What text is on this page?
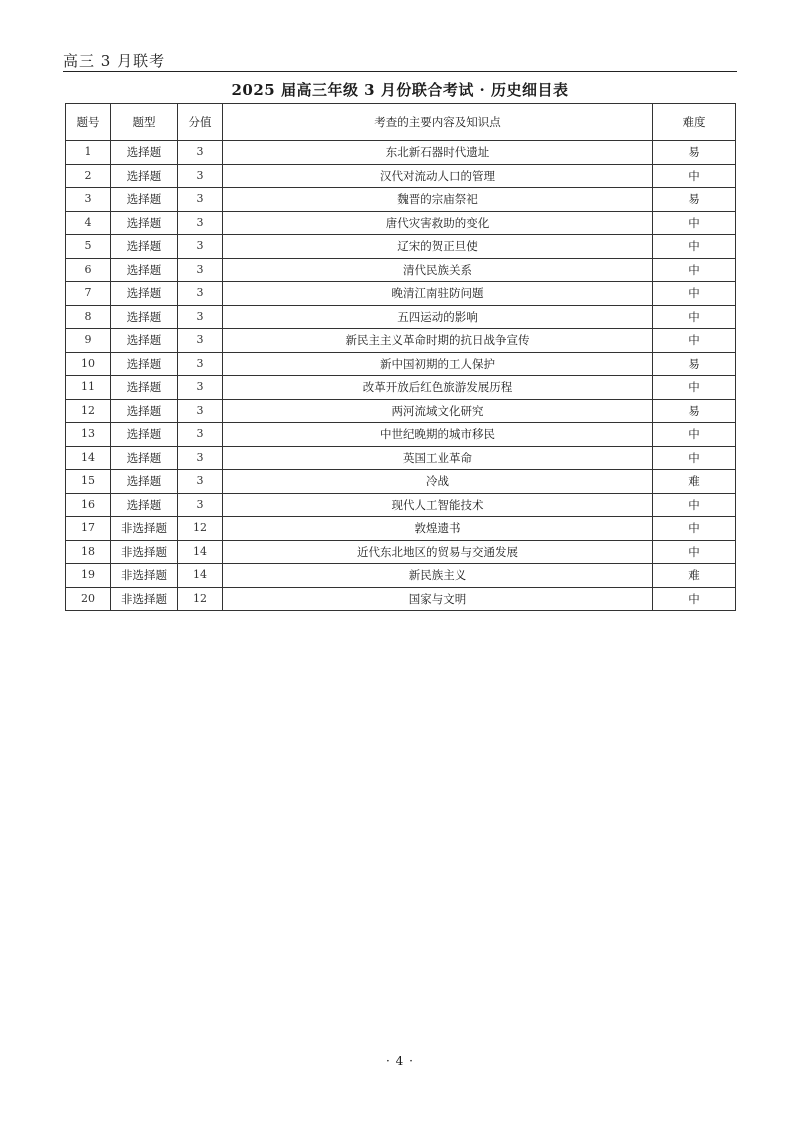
高三 3 月联考
2025 届高三年级 3 月份联合考试 · 历史细目表
题号	题型	分值	考查的主要内容及知识点	难度
1	选择题	3	东北新石器时代遗址	易
2	选择题	3	汉代对流动人口的管理	中
3	选择题	3	魏晋的宗庙祭祀	易
4	选择题	3	唐代灾害救助的变化	中
5	选择题	3	辽宋的贺正旦使	中
6	选择题	3	清代民族关系	中
7	选择题	3	晚清江南驻防问题	中
8	选择题	3	五四运动的影响	中
9	选择题	3	新民主主义革命时期的抗日战争宣传	中
10	选择题	3	新中国初期的工人保护	易
11	选择题	3	改革开放后红色旅游发展历程	中
12	选择题	3	两河流域文化研究	易
13	选择题	3	中世纪晚期的城市移民	中
14	选择题	3	英国工业革命	中
15	选择题	3	冷战	难
16	选择题	3	现代人工智能技术	中
17	非选择题	12	敦煌遗书	中
18	非选择题	14	近代东北地区的贸易与交通发展	中
19	非选择题	14	新民族主义	难
20	非选择题	12	国家与文明	中
· 4 ·
